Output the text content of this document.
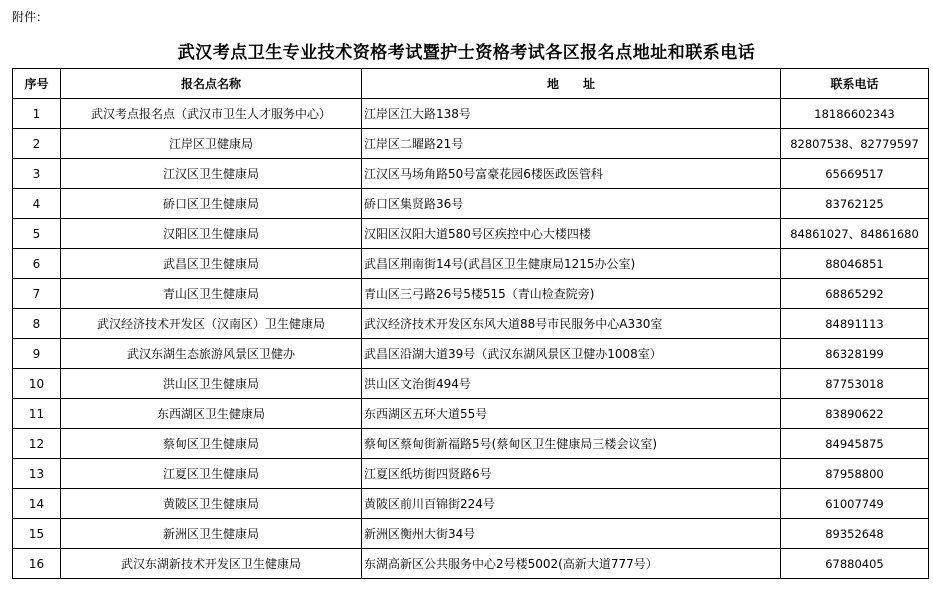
附件：
武汉考点卫生专业技术资格考试暨护士资格考试各区报名点地址和联系电话
序号	报名点名称	地　　址	联系电话
1	武汉考点报名点（武汉市卫生人才服务中心）	江岸区江大路138号	18186602343
2	江岸区卫健康局	江岸区二曜路21号	82807538、82779597
3	江汉区卫生健康局	江汉区马场角路50号富豪花园6楼医政医管科	65669517
4	硚口区卫生健康局	硚口区集贤路36号	83762125
5	汉阳区卫生健康局	汉阳区汉阳大道580号区疾控中心大楼四楼	84861027、84861680
6	武昌区卫生健康局	武昌区荆南街14号(武昌区卫生健康局1215办公室)	88046851
7	青山区卫生健康局	青山区三弓路26号5楼515（青山检查院旁)	68865292
8	武汉经济技术开发区（汉南区）卫生健康局	武汉经济技术开发区东风大道88号市民服务中心A330室	84891113
9	武汉东湖生态旅游风景区卫健办	武昌区沿湖大道39号（武汉东湖风景区卫健办1008室）	86328199
10	洪山区卫生健康局	洪山区文治街494号	87753018
11	东西湖区卫生健康局	东西湖区五环大道55号	83890622
12	蔡甸区卫生健康局	蔡甸区蔡甸街新福路5号(蔡甸区卫生健康局三楼会议室)	84945875
13	江夏区卫生健康局	江夏区纸坊街四贤路6号	87958800
14	黄陂区卫生健康局	黄陂区前川百锦街224号	61007749
15	新洲区卫生健康局	新洲区衡州大街34号	89352648
16	武汉东湖新技术开发区卫生健康局	东湖高新区公共服务中心2号楼5002(高新大道777号）	67880405
